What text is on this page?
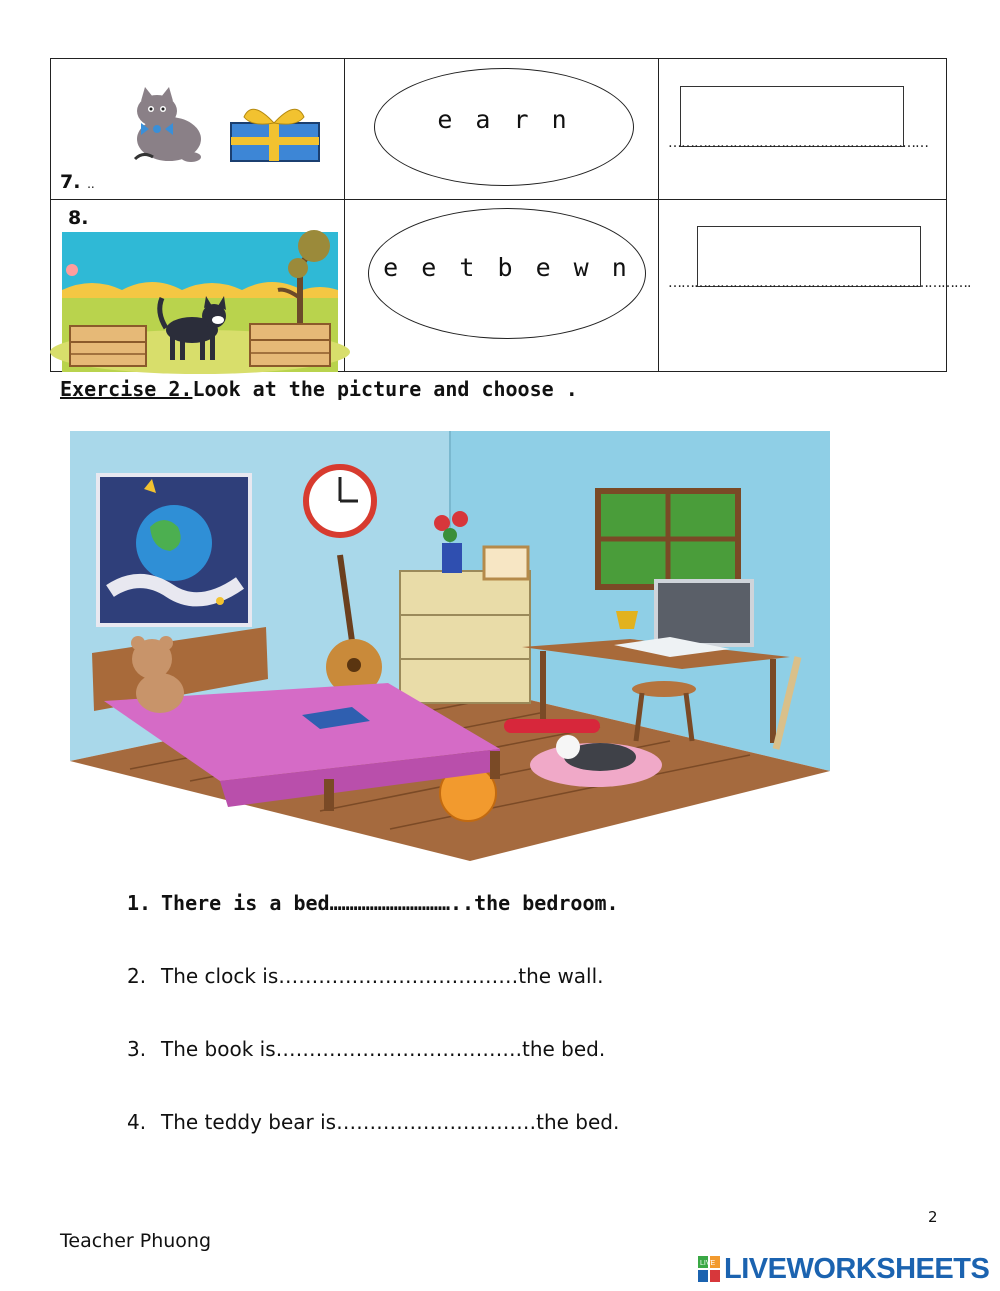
7. ..
e a r n
……………………………………………………
8.
e e t b e w n
…………………………………………………………….
Exercise 2.Look at the picture and choose .
1. There is a bed…………………………..the bedroom.
2. The clock is………………………………the wall.
3. The book is……………………………….the bed.
4. The teddy bear is…………………………the bed.
2
Teacher Phuong
LIVE LIVEWORKSHEETS
